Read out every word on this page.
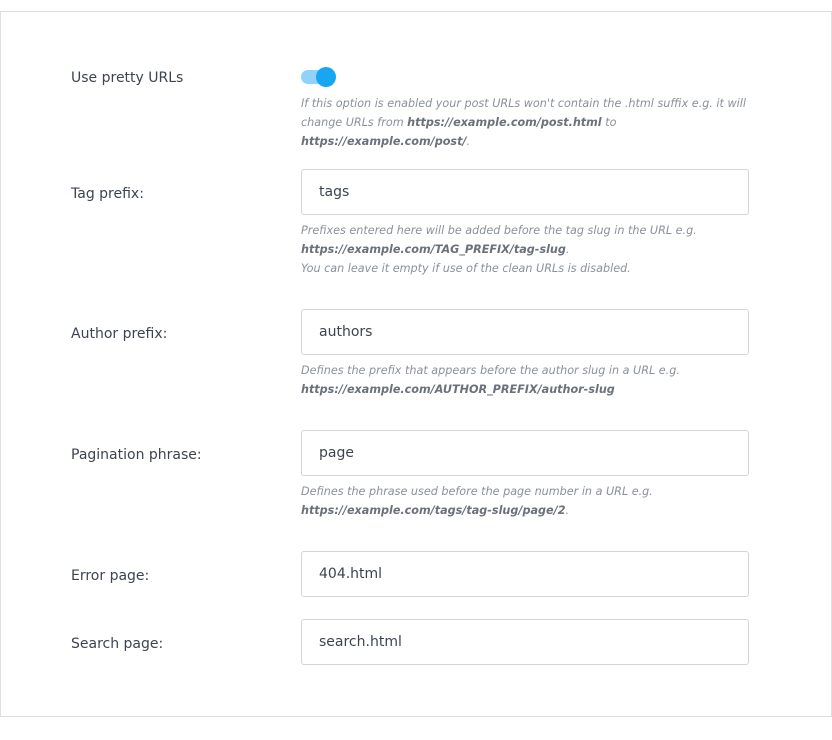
Use pretty URLs
If this option is enabled your post URLs won't contain the .html suffix e.g. it will change URLs from https://example.com/post.html to
https://example.com/post/.
Tag prefix:
tags
Prefixes entered here will be added before the tag slug in the URL e.g.
https://example.com/TAG_PREFIX/tag-slug.
You can leave it empty if use of the clean URLs is disabled.
Author prefix:
authors
Defines the prefix that appears before the author slug in a URL e.g.
https://example.com/AUTHOR_PREFIX/author-slug
Pagination phrase:
page
Defines the phrase used before the page number in a URL e.g.
https://example.com/tags/tag-slug/page/2.
Error page:
404.html
Search page:
search.html
